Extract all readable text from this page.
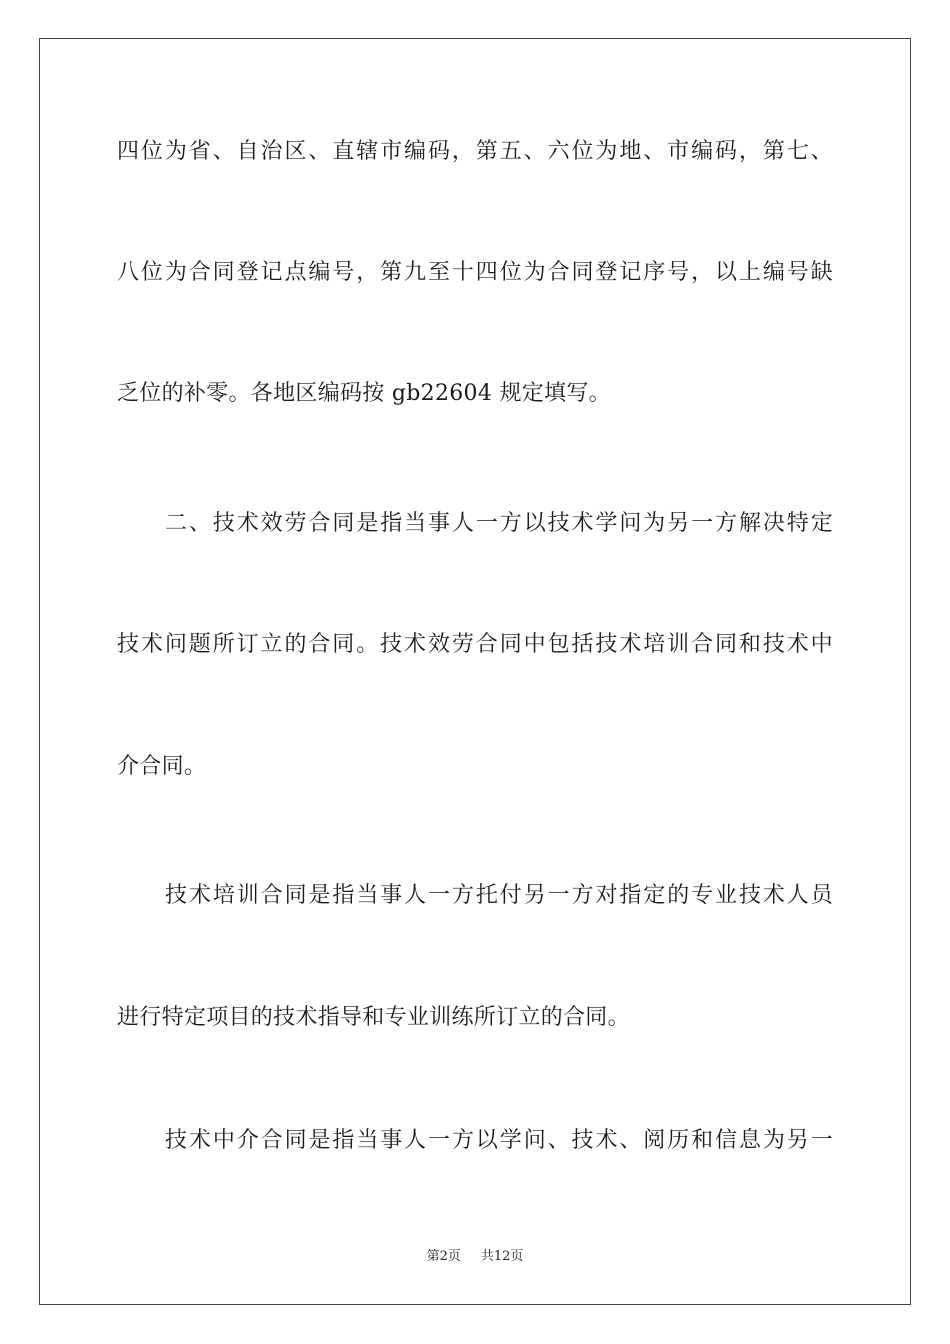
四位为省、自治区、直辖市编码，第五、六位为地、市编码，第七、
八位为合同登记点编号，第九至十四位为合同登记序号，以上编号缺
乏位的补零。各地区编码按 gb22604 规定填写。
二、技术效劳合同是指当事人一方以技术学问为另一方解决特定
技术问题所订立的合同。技术效劳合同中包括技术培训合同和技术中
介合同。
技术培训合同是指当事人一方托付另一方对指定的专业技术人员
进行特定项目的技术指导和专业训练所订立的合同。
技术中介合同是指当事人一方以学问、技术、阅历和信息为另一
第2页 共12页
